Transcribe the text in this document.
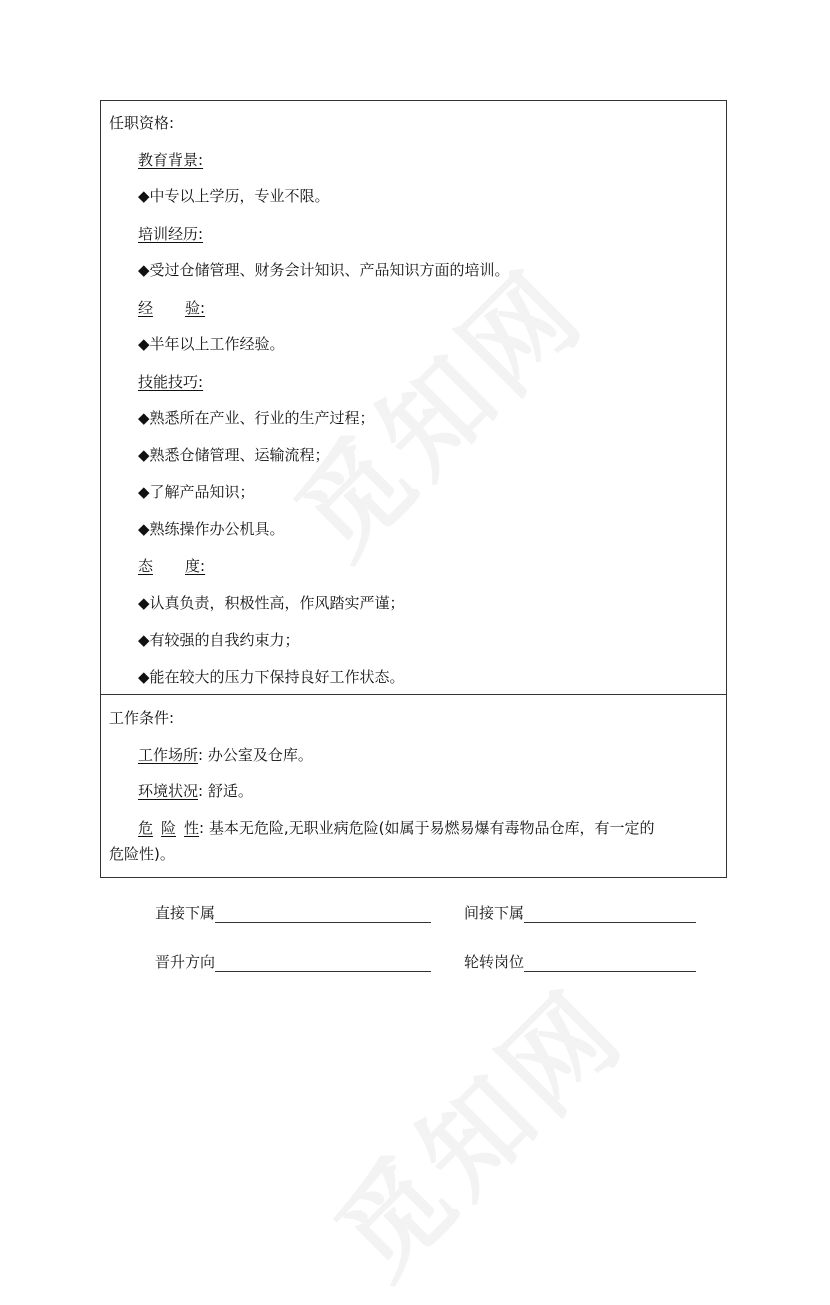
任职资格:
教育背景:
◆中专以上学历，专业不限。
培训经历:
◆受过仓储管理、财务会计知识、产品知识方面的培训。
经 验:
◆半年以上工作经验。
技能技巧:
◆熟悉所在产业、行业的生产过程；
◆熟悉仓储管理、运输流程；
◆了解产品知识；
◆熟练操作办公机具。
态 度:
◆认真负责，积极性高，作风踏实严谨；
◆有较强的自我约束力；
◆能在较大的压力下保持良好工作状态。
工作条件:
工作场所: 办公室及仓库。
环境状况: 舒适。
危 险 性: 基本无危险,无职业病危险(如属于易燃易爆有毒物品仓库，有一定的
危险性)。
直接下属	间接下属
晋升方向	轮转岗位
